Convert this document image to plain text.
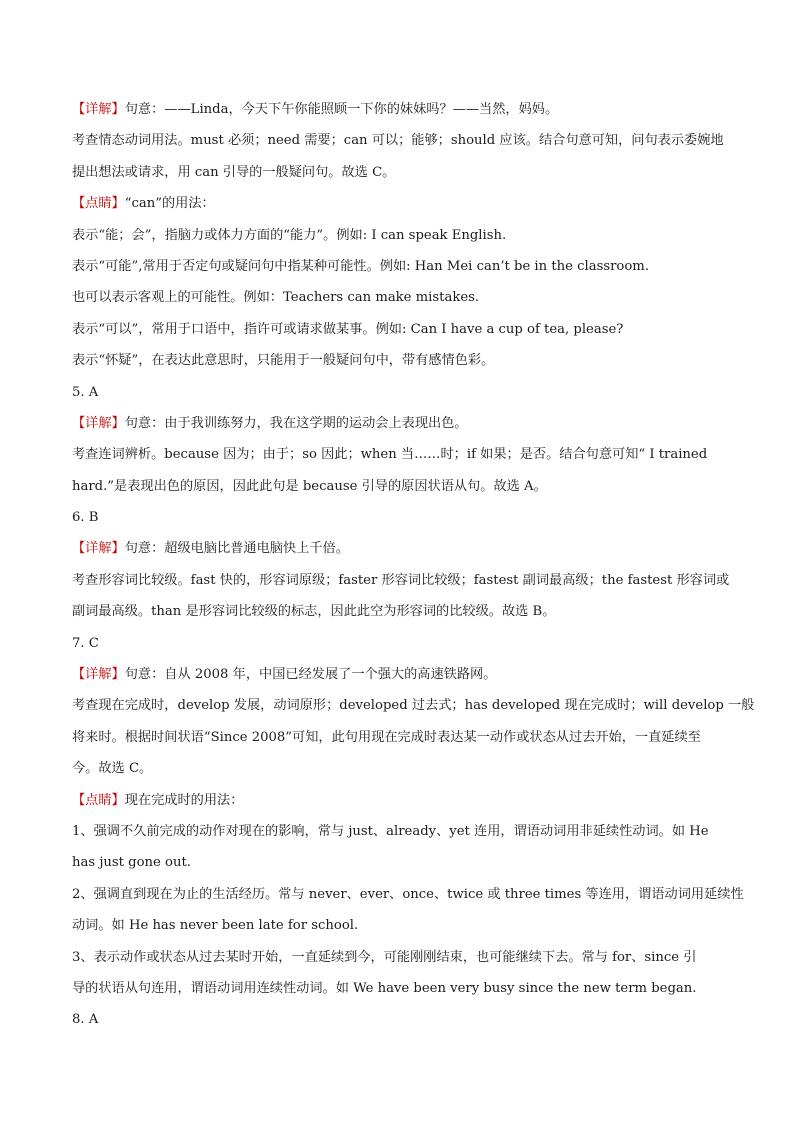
【详解】句意：——Linda，今天下午你能照顾一下你的妹妹吗？——当然，妈妈。
考查情态动词用法。must 必须；need 需要；can 可以；能够；should 应该。结合句意可知，问句表示委婉地
提出想法或请求，用 can 引导的一般疑问句。故选 C。
【点睛】“can”的用法：
表示“能；会”，指脑力或体力方面的“能力”。例如: I can speak English.
表示“可能”,常用于否定句或疑问句中指某种可能性。例如: Han Mei can’t be in the classroom.
也可以表示客观上的可能性。例如：Teachers can make mistakes.
表示“可以”，常用于口语中，指许可或请求做某事。例如: Can I have a cup of tea, please?
表示“怀疑”，在表达此意思时，只能用于一般疑问句中，带有感情色彩。
5. A
【详解】句意：由于我训练努力，我在这学期的运动会上表现出色。
考查连词辨析。because 因为；由于；so 因此；when 当……时；if 如果；是否。结合句意可知“ I trained
hard.”是表现出色的原因，因此此句是 because 引导的原因状语从句。故选 A。
6. B
【详解】句意：超级电脑比普通电脑快上千倍。
考查形容词比较级。fast 快的，形容词原级；faster 形容词比较级；fastest 副词最高级；the fastest 形容词或
副词最高级。than 是形容词比较级的标志，因此此空为形容词的比较级。故选 B。
7. C
【详解】句意：自从 2008 年，中国已经发展了一个强大的高速铁路网。
考查现在完成时，develop 发展，动词原形；developed 过去式；has developed 现在完成时；will develop 一般
将来时。根据时间状语“Since 2008”可知，此句用现在完成时表达某一动作或状态从过去开始，一直延续至
今。故选 C。
【点睛】现在完成时的用法：
1、强调不久前完成的动作对现在的影响，常与 just、already、yet 连用，谓语动词用非延续性动词。如 He
has just gone out.
2、强调直到现在为止的生活经历。常与 never、ever、once、twice 或 three times 等连用，谓语动词用延续性
动词。如 He has never been late for school.
3、表示动作或状态从过去某时开始，一直延续到今，可能刚刚结束，也可能继续下去。常与 for、since 引
导的状语从句连用，谓语动词用连续性动词。如 We have been very busy since the new term began.
8. A
